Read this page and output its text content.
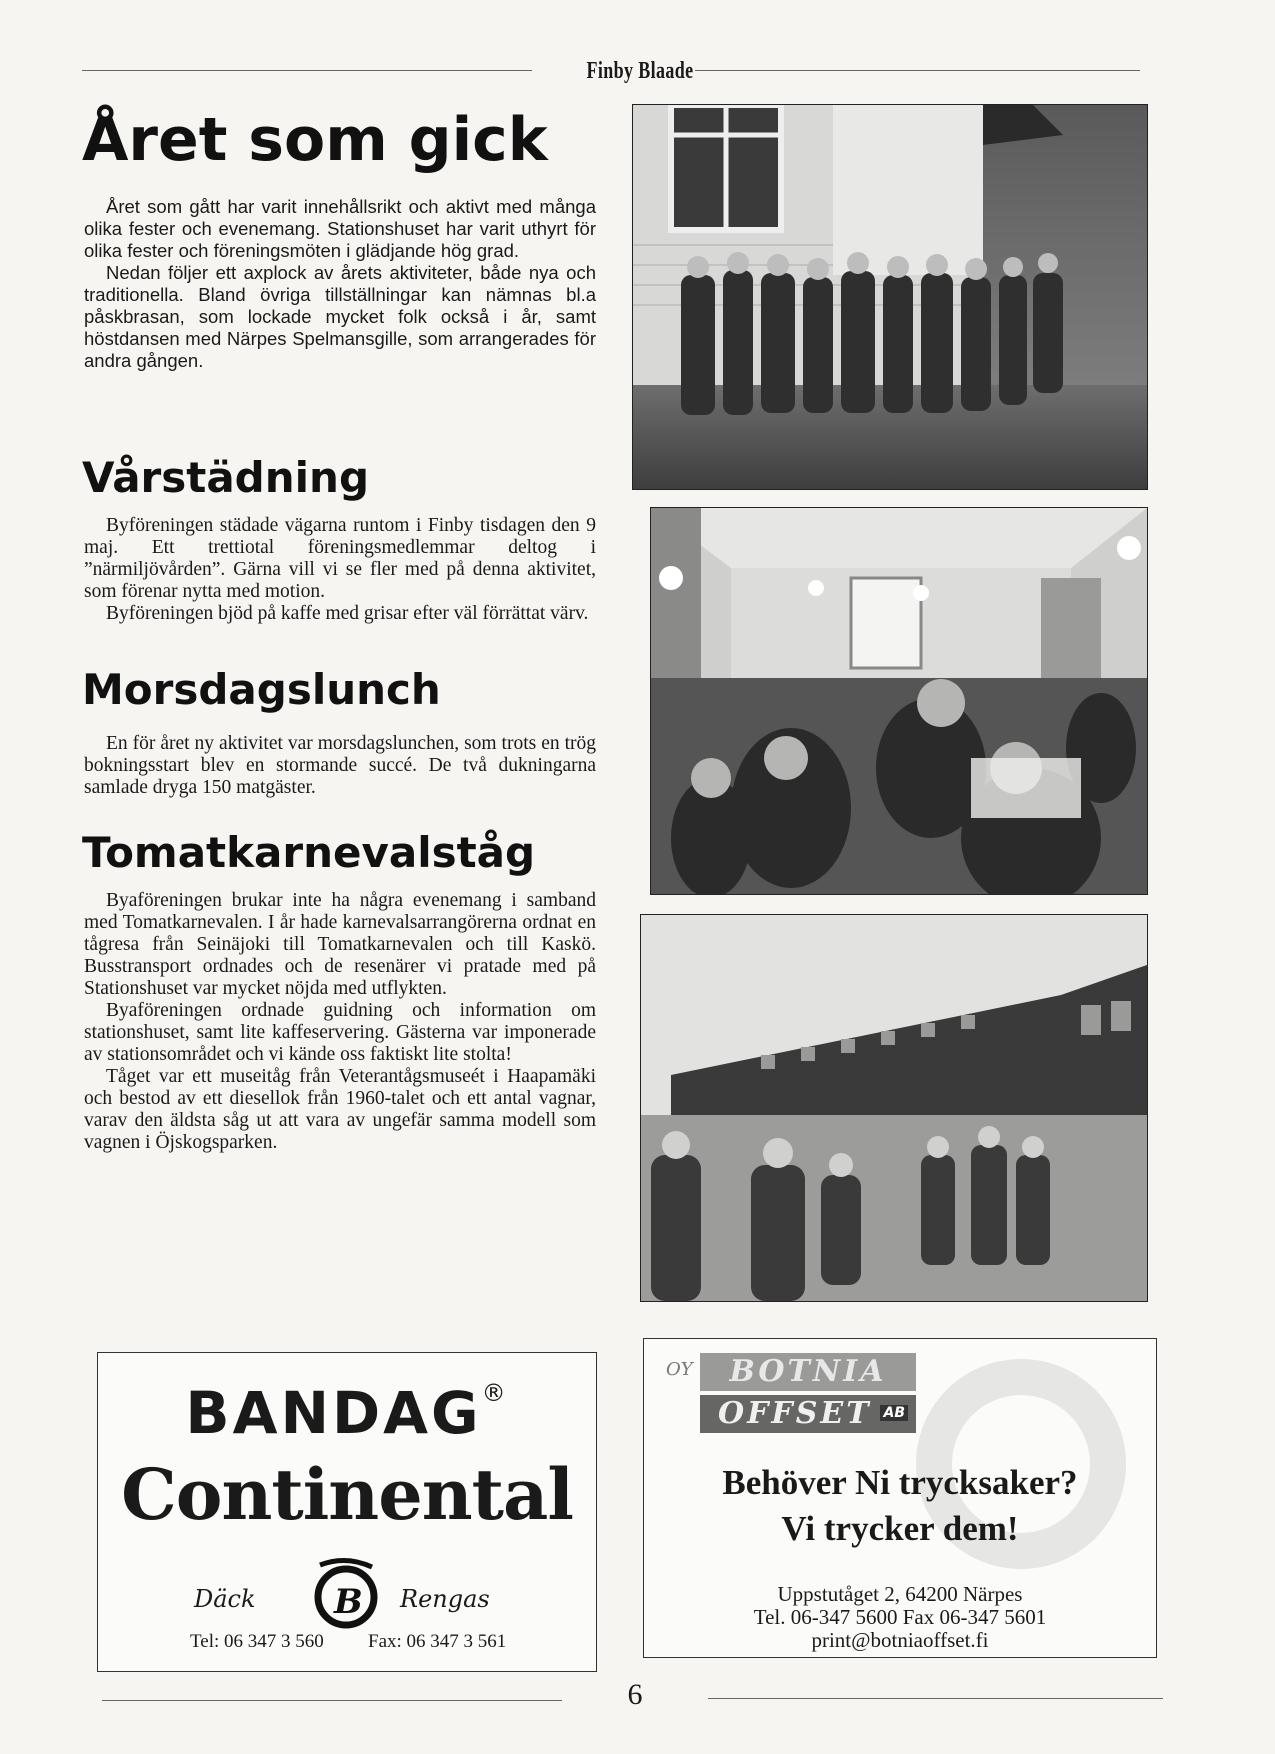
Finby Blaade
Året som gick

Året som gått har varit innehållsrikt och aktivt med många olika fester och evenemang. Stationshuset har varit uthyrt för olika fester och föreningsmöten i glädjande hög grad.

Nedan följer ett axplock av årets aktiviteter, både nya och traditionella. Bland övriga tillställningar kan nämnas bl.a påskbrasan, som lockade mycket folk också i år, samt höstdansen med Närpes Spelmansgille, som arrangerades för andra gången.

Vårstädning

Byföreningen städade vägarna runtom i Finby tisdagen den 9 maj. Ett trettiotal föreningsmedlemmar deltog i ”närmiljövården”. Gärna vill vi se fler med på denna aktivitet, som förenar nytta med motion.

Byföreningen bjöd på kaffe med grisar efter väl förrättat värv.

Morsdagslunch

En för året ny aktivitet var morsdagslunchen, som trots en trög bokningsstart blev en stormande succé. De två dukningarna samlade dryga 150 matgäster.

Tomatkarnevalståg

Byaföreningen brukar inte ha några evenemang i samband med Tomatkarnevalen. I år hade karnevalsarrangörerna ordnat en tågresa från Seinäjoki till Tomatkarnevalen och till Kaskö. Busstransport ordnades och de resenärer vi pratade med på Stationshuset var mycket nöjda med utflykten.

Byaföreningen ordnade guidning och information om stationshuset, samt lite kaffeservering. Gästerna var imponerade av stationsområdet och vi kände oss faktiskt lite stolta!

Tåget var ett museitåg från Veterantågsmuseét i Haapamäki och bestod av ett diesellok från 1960-talet och ett antal vagnar, varav den äldsta såg ut att vara av ungefär samma modell som vagnen i Öjskogsparken.

BANDAG®
Continental
Däck B Rengas
Tel: 06 347 3 560 Fax: 06 347 3 561
OY	BOTNIA
OFFSET AB
Behöver Ni trycksaker?
Vi trycker dem!
Uppstutåget 2, 64200 Närpes
Tel. 06-347 5600 Fax 06-347 5601
print@botniaoffset.fi
6
